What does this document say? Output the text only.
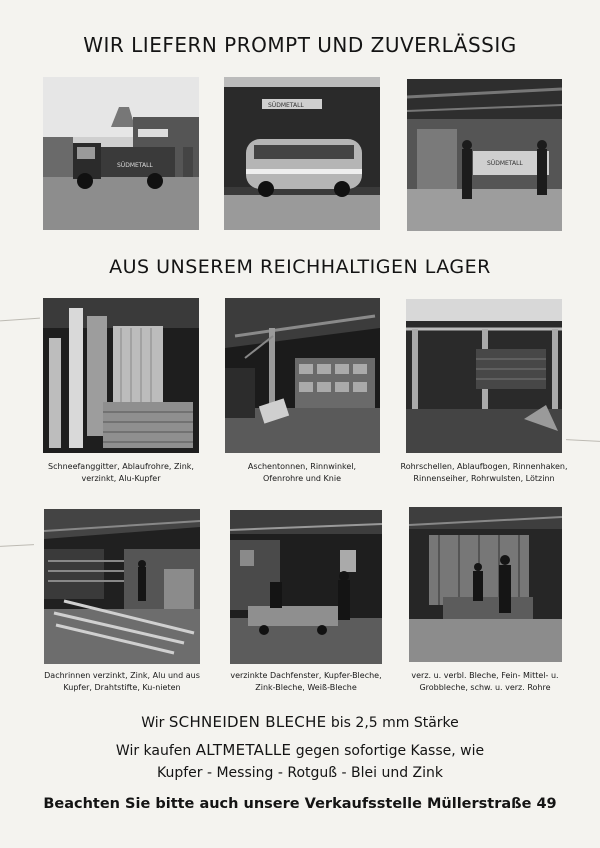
WIR LIEFERN PROMPT UND ZUVERLÄSSIG
SÜDMETALL
SÜDMETALL
SÜDMETALL
AUS UNSEREM REICHHALTIGEN LAGER
Schneefanggitter, Ablaufrohre, Zink,
verzinkt, Alu-Kupfer
Aschentonnen, Rinnwinkel,
Ofenrohre und Knie
Rohrschellen, Ablaufbogen, Rinnenhaken,
Rinnenseiher, Rohrwulsten, Lötzinn
Dachrinnen verzinkt, Zink, Alu und aus
Kupfer, Drahtstifte, Ku-nieten
verzinkte Dachfenster, Kupfer-Bleche,
Zink-Bleche, Weiß-Bleche
verz. u. verbl. Bleche, Fein- Mittel- u.
Grobbleche, schw. u. verz. Rohre
Wir SCHNEIDEN BLECHE bis 2,5 mm Stärke
Wir kaufen ALTMETALLE gegen sofortige Kasse, wie
Kupfer - Messing - Rotguß - Blei und Zink
Beachten Sie bitte auch unsere Verkaufsstelle Müllerstraße 49
